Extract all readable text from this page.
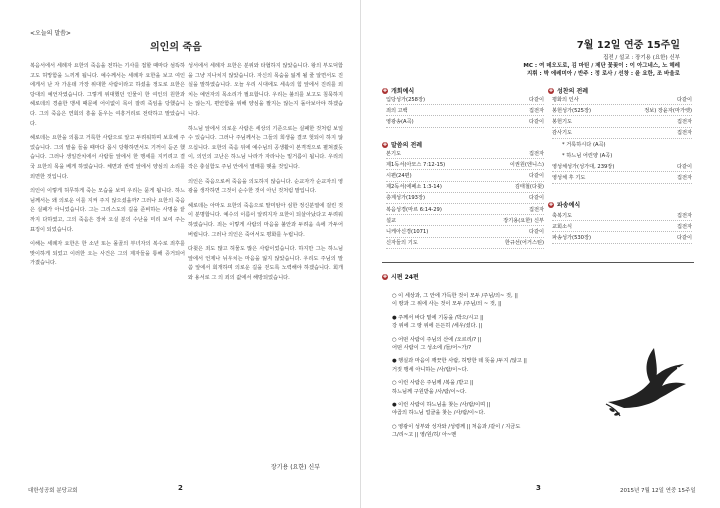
<오늘의 말씀>
의인의 죽음

복음서에서 세례자 요한의 죽음을 전하는 기사를 접할 때마다 섬뜩하고도 허망함을 느끼게 됩니다. 예수께서는 세례자 요한을 보고 여인에게서 난 자 가운데 가장 위대한 사람이라고 하셨을 정도로 요한은 당대의 예언자였습니다. 그렇게 위대했던 인물이 한 여인의 원한과 헤로데의 경솔한 맹세 때문에 어이없이 목이 잘려 죽임을 당했습니다. 그의 죽음은 연회의 흥을 돋우는 여흥거리로 전락하고 말았습니다.

헤로데는 요한을 의롭고 거룩한 사람으로 알고 두려워하며 보호해 주었습니다. 그의 말을 들을 때마다 몹시 당황하면서도 기꺼이 듣곤 했습니다. 그러나 생일잔치에서 사람들 앞에서 한 맹세를 지키려고 결국 요한의 목을 베게 하였습니다. 체면과 권력 앞에서 양심의 소리를 외면한 것입니다.

의인이 이렇게 허무하게 죽는 모습을 보며 우리는 묻게 됩니다. 하느님께서는 왜 의로운 이를 지켜 주지 않으셨을까? 그러나 요한의 죽음은 실패가 아니었습니다. 그는 그리스도의 길을 준비하는 사명을 끝까지 다하였고, 그의 죽음은 장차 오실 분의 수난을 미리 보여 주는 표징이 되었습니다.

이해는 세례자 요한은 한 소년 또는 몰골의 부녀자의 복수로 죄후를 맞이하게 되었고 이러한 오는 사건은 그의 제자들을 통해 증거되어 가졌습니다.

성서에서 세례자 요한은 분위와 타협하지 않았습니다. 왕의 부도덕함을 그냥 지나치지 않았습니다. 자신의 목숨을 잃게 될 줄 알면서도 진실을 말하였습니다. 오늘 우리 시대에도 세속의 힘 앞에서 진리를 외치는 예언자의 목소리가 필요합니다. 우리는 불의를 보고도 침묵하지는 않는지, 편안함을 위해 양심을 팔지는 않는지 돌아보아야 하겠습니다.

하느님 앞에서 의로운 사람은 세상의 기준으로는 실패한 것처럼 보일 수 있습니다. 그러나 주님께서는 그들의 희생을 결코 헛되이 하지 않으십니다. 요한의 죽음 뒤에 예수님의 공생활이 본격적으로 펼쳐졌듯이, 의인의 고난은 하느님 나라가 자라나는 밑거름이 됩니다. 우리의 작은 충실함도 주님 안에서 열매를 맺을 것입니다.

의인은 죽음으로써 죽음을 의도하지 않습니다. 순교자가 순교자의 영광을 생각하면 그것이 순수한 것이 아닌 것처럼 말입니다.

헤로데는 아마도 요한의 죽음으로 말미암아 심한 정신분열에 걸린 것이 분명합니다. 예수의 이름이 알려지자 요한이 되살아났다고 두려워하였습니다. 죄는 이렇게 사람의 마음을 불안과 두려움 속에 가두어 버립니다. 그러나 의인은 죽어서도 평화를 누립니다.

다윗은 죄도 많고 허물도 많은 사람이었습니다. 하지만 그는 하느님 앞에서 언제나 뉘우치는 마음을 잃지 않았습니다. 우리도 주님의 말씀 앞에서 회개하며 의로운 길을 걷도록 노력해야 하겠습니다. 회개와 용서로 그 의 죄의 값에서 해방되었습니다.

장기용 (요한) 신부
대한성공회 분당교회	2
7월 12일 연중 15주일
집전 / 설교 : 장기용 (요한) 신부
MC : 여 데오도로, 김 마틴 / 제단 꽃꽂이 : 이 아그네스, 노 헤레
지휘 : 박 에레미아 / 반주 : 정 로사 / 선창 : 윤 요한, 조 바울로
✚ 개회예식
입당성가(258장)	다같이
죄의 고백	집전자
영광송(A곡)	다같이
✚ 말씀의 전례
본기도	집전자
제1독서(아모스 7:12-15)	이권원(엔니스)
시편(24편)	다같이
제2독서(에페소 1:3-14)	김태철(다윗)
층계성가(193장)	다같이
복음성경(마르 6:14-29)	집전자
설교	장기용(요한) 신부
니케아신경(1071)	다같이
신자들의 기도	한규선(어거스틴)
✚ 성찬의 전례
평화의 인사	다같이
봉헌성가(525장)	정보) 장윤자(마가렛)
봉헌기도	집전자
감사기도	집전자
* 거룩하시다 (A곡)
* 하느님 어린양 (A곡)
영성체성가(성가대, 239장)	다같이
영성체 후 기도	집전자
✚ 파송예식
축복기도	집전자
교회소식	집전자
파송성가(530장)	다같이
✚ 시편 24편
○ 이 세상과, 그 안에 가득한 것이 모두 /주님/의~ 것, ||
이 땅과 그 위에 사는 것이 모두 /주님/의 ~ 것, ||
● 주께서 바다 밑에 기둥을 /박으/시고 ||
강 위에 그 땅 위에 든든히 /세우/셨다. ||
○ 어떤 사람이 주님의 산에 /오르리/? ||
어떤 사람이 그 성소에 /들/어~가/?
● 행실과 마음이 깨끗한 사람, 허망한 데 뜻을 /두지 /않고 ||
거짓 맹세 아니하는 /사/람/이~다.
○ 이런 사람은 주님께 /복을 /받고 ||
하느님께 구원받을 /사/람/이~다.
● 이런 사람이 하느님을 찾는 /사/람/이며 ||
야곱의 하느님 얼굴을 찾는 /사/람/이~다.
○ 영광이 성부와 성자와 /성령께 || 처음과 /같이 / 지금도
그/리~고 || 영/원/히/ 아~멘
2015년 7월 12일 연중 15주일
3
